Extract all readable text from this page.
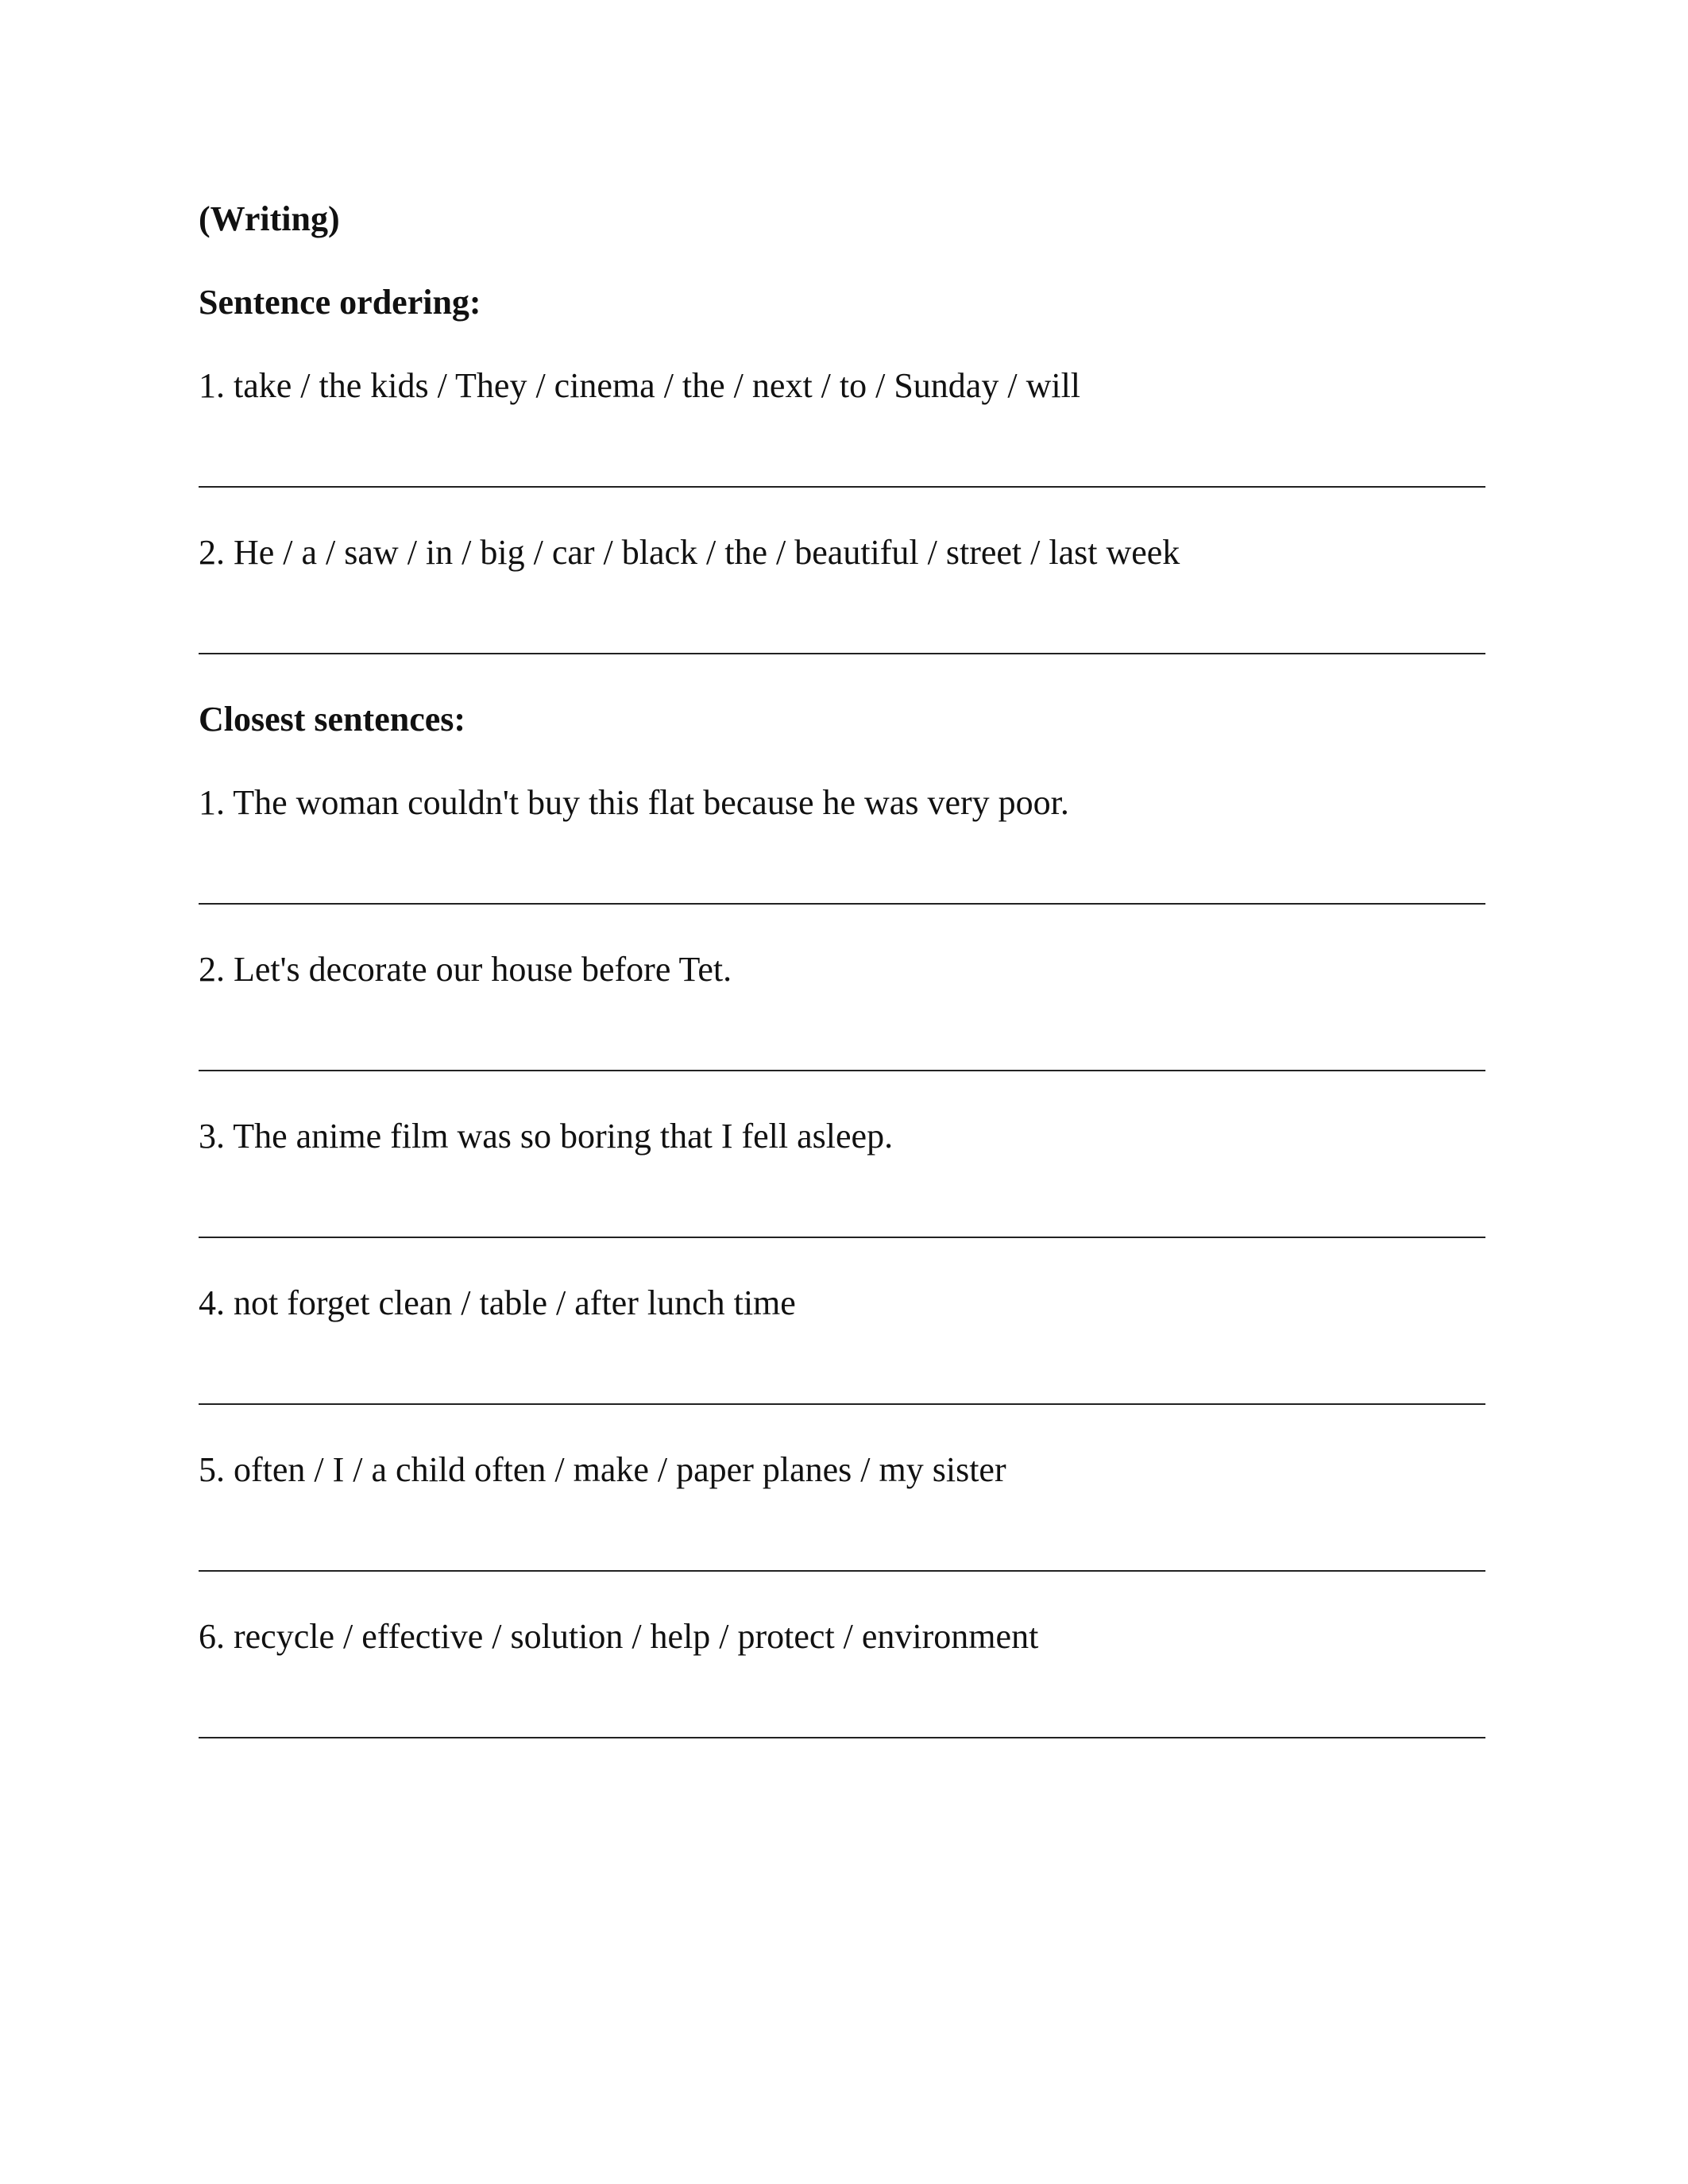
(Writing)

Sentence ordering:

1. take / the kids / They / cinema / the / next / to / Sunday / will

2. He / a / saw / in / big / car / black / the / beautiful / street / last week

Closest sentences:

1. The woman couldn't buy this flat because he was very poor.

2. Let's decorate our house before Tet.

3. The anime film was so boring that I fell asleep.

4. not forget clean / table / after lunch time

5. often / I / a child often / make / paper planes / my sister

6. recycle / effective / solution / help / protect / environment
